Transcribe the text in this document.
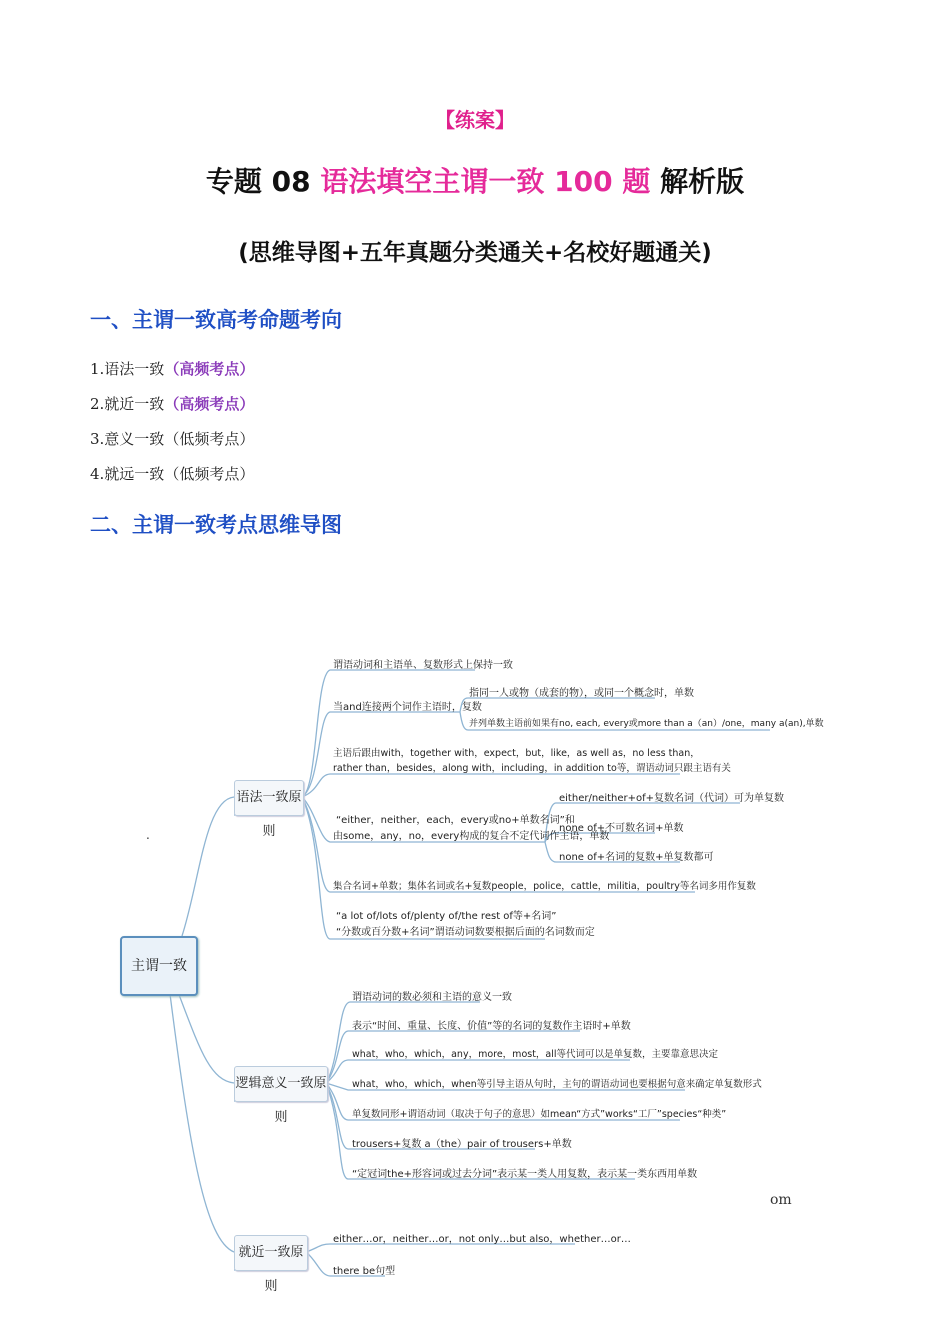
【练案】
专题 08 语法填空主谓一致 100 题 解析版
(思维导图+五年真题分类通关+名校好题通关)
一、主谓一致高考命题考向
1.语法一致（高频考点）
2.就近一致（高频考点）
3.意义一致（低频考点）
4.就远一致（低频考点）
二、主谓一致考点思维导图
主谓一致
语法一致原则
逻辑意义一致原则
就近一致原则
谓语动词和主语单、复数形式上保持一致
当and连接两个词作主语时，复数
指同一人或物（成套的物），或同一个概念时，单数
并列单数主语前如果有no, each, every或more than a（an）/one，many a(an),单数
主语后跟由with，together with，expect，but，like，as well as，no less than，
rather than，besides，along with，including，in addition to等，谓语动词只跟主语有关
“either，neither，each，every或no+单数名词”和
由some，any，no，every构成的复合不定代词作主语，单数
either/neither+of+复数名词（代词）可为单复数
none of+不可数名词+单数
none of+名词的复数+单复数都可
集合名词+单数；集体名词或名+复数people，police，cattle，militia，poultry等名词多用作复数
“a lot of/lots of/plenty of/the rest of等+名词”
“分数或百分数+名词”谓语动词数要根据后面的名词数而定
谓语动词的数必须和主语的意义一致
表示“时间、重量、长度、价值”等的名词的复数作主语时+单数
what，who，which，any，more，most，all等代词可以是单复数，主要靠意思决定
what，who，which，when等引导主语从句时，主句的谓语动词也要根据句意来确定单复数形式
单复数同形+谓语动词（取决于句子的意思）如mean“方式”works“工厂”species“种类”
trousers+复数 a（the）pair of trousers+单数
“定冠词the+形容词或过去分词”表示某一类人用复数，表示某一类东西用单数
either…or，neither…or，not only…but also，whether…or…
there be句型
.
om
